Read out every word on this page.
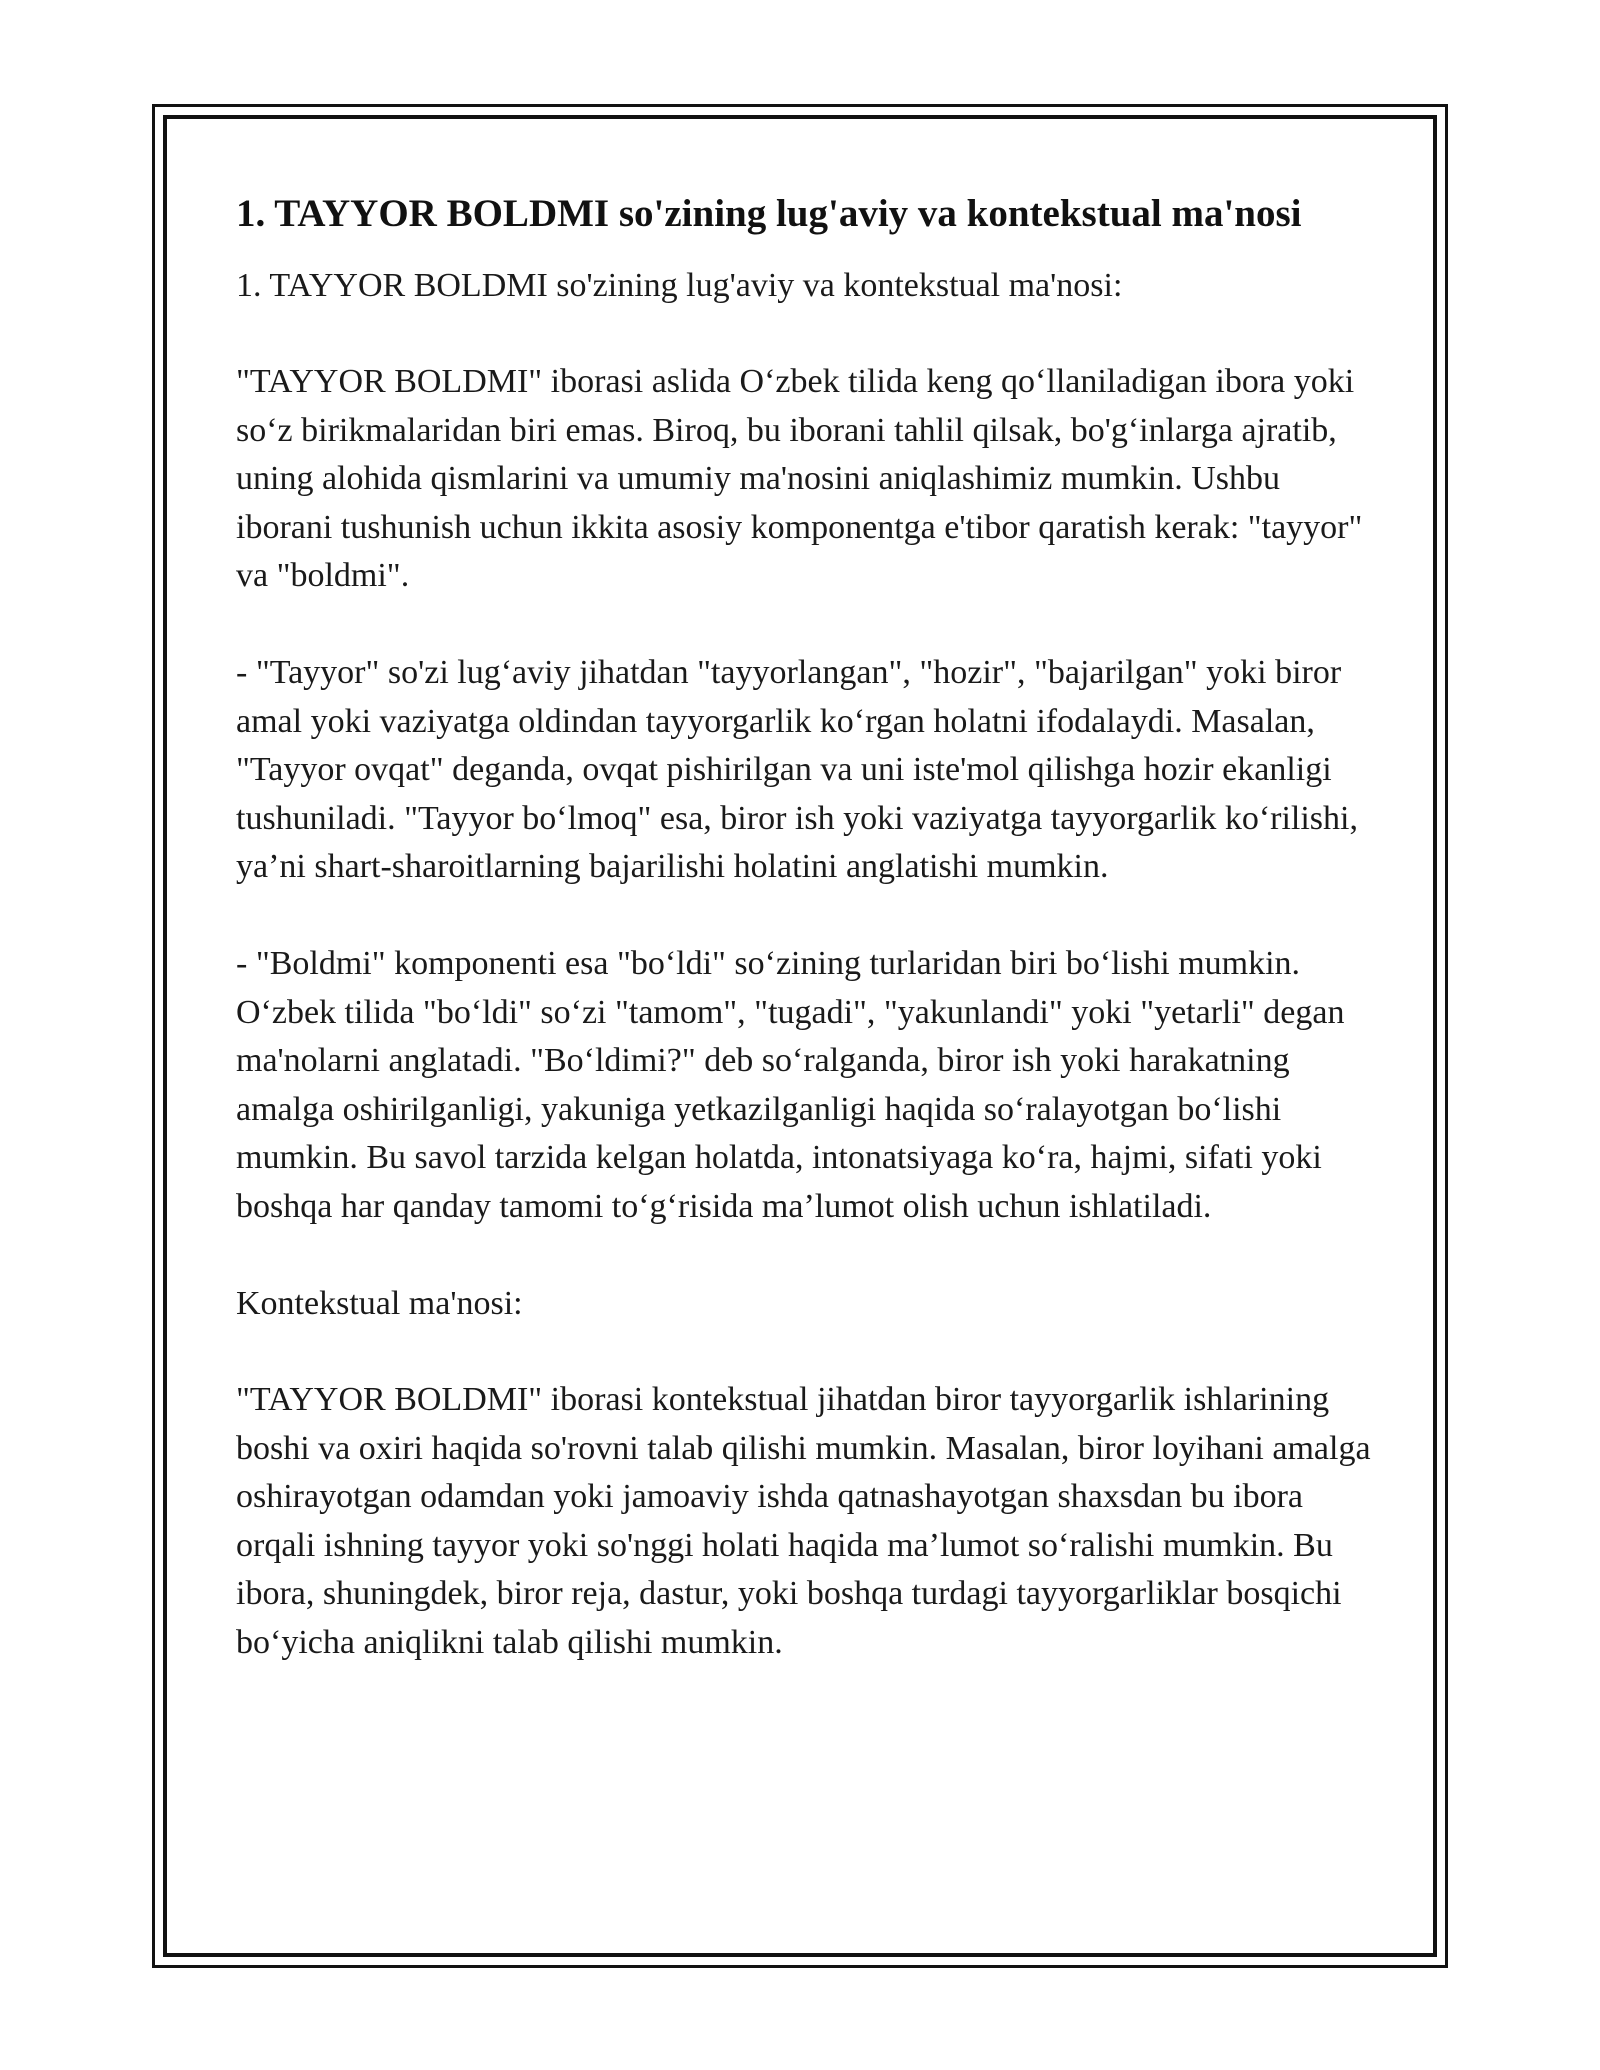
1. TAYYOR BOLDMI so'zining lug'aviy va kontekstual ma'nosi

1. TAYYOR BOLDMI so'zining lug'aviy va kontekstual ma'nosi:

"TAYYOR BOLDMI" iborasi aslida O‘zbek tilida keng qo‘llaniladigan ibora yoki so‘z birikmalaridan biri emas. Biroq, bu iborani tahlil qilsak, bo'g‘inlarga ajratib, uning alohida qismlarini va umumiy ma'nosini aniqlashimiz mumkin. Ushbu iborani tushunish uchun ikkita asosiy komponentga e'tibor qaratish kerak: "tayyor" va "boldmi".

- "Tayyor" so'zi lug‘aviy jihatdan "tayyorlangan", "hozir", "bajarilgan" yoki biror amal yoki vaziyatga oldindan tayyorgarlik ko‘rgan holatni ifodalaydi. Masalan, "Tayyor ovqat" deganda, ovqat pishirilgan va uni iste'mol qilishga hozir ekanligi tushuniladi. "Tayyor bo‘lmoq" esa, biror ish yoki vaziyatga tayyorgarlik ko‘rilishi, ya’ni shart-sharoitlarning bajarilishi holatini anglatishi mumkin.

- "Boldmi" komponenti esa "bo‘ldi" so‘zining turlaridan biri bo‘lishi mumkin. O‘zbek tilida "bo‘ldi" so‘zi "tamom", "tugadi", "yakunlandi" yoki "yetarli" degan ma'nolarni anglatadi. "Bo‘ldimi?" deb so‘ralganda, biror ish yoki harakatning amalga oshirilganligi, yakuniga yetkazilganligi haqida so‘ralayotgan bo‘lishi mumkin. Bu savol tarzida kelgan holatda, intonatsiyaga ko‘ra, hajmi, sifati yoki boshqa har qanday tamomi to‘g‘risida ma’lumot olish uchun ishlatiladi.

Kontekstual ma'nosi:

"TAYYOR BOLDMI" iborasi kontekstual jihatdan biror tayyorgarlik ishlarining boshi va oxiri haqida so'rovni talab qilishi mumkin. Masalan, biror loyihani amalga oshirayotgan odamdan yoki jamoaviy ishda qatnashayotgan shaxsdan bu ibora orqali ishning tayyor yoki so'nggi holati haqida ma’lumot so‘ralishi mumkin. Bu ibora, shuningdek, biror reja, dastur, yoki boshqa turdagi tayyorgarliklar bosqichi bo‘yicha aniqlikni talab qilishi mumkin.
